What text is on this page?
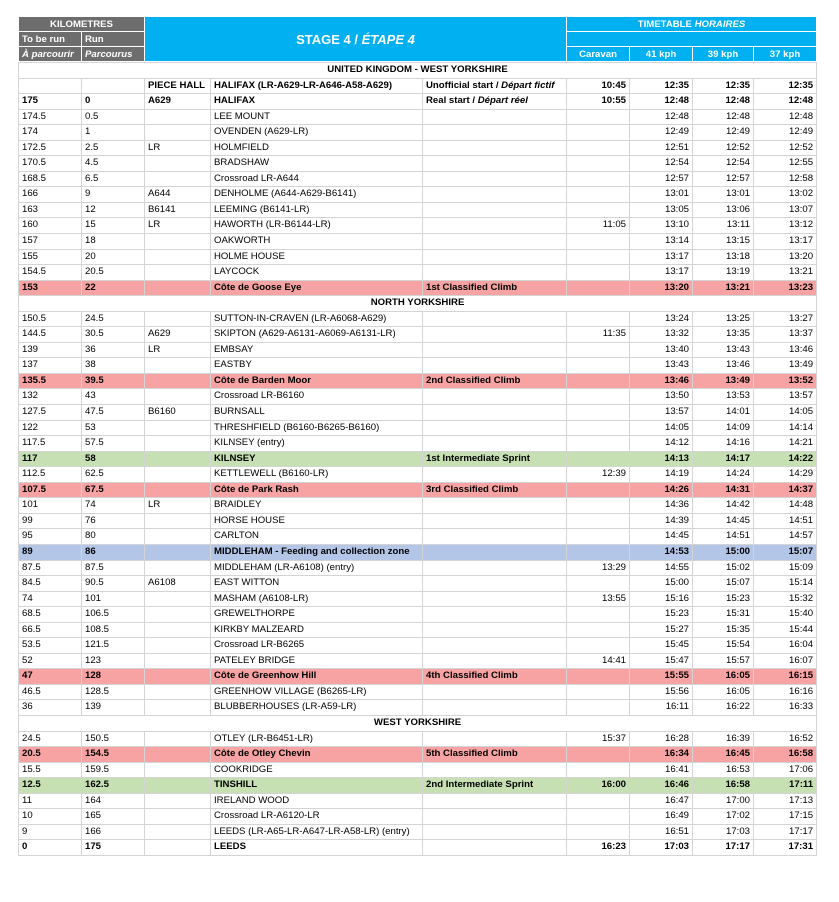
KILOMETRES		STAGE 4 / ÉTAPE 4	TIMETABLE HORAIRES			
To be run	Run					
À parcourir	Parcourus		Caravan	41 kph	39 kph	37 kph
UNITED KINGDOM - WEST YORKSHIRE								
		PIECE HALL	HALIFAX (LR-A629-LR-A646-A58-A629)	Unofficial start / Départ fictif	10:45	12:35	12:35	12:35
175	0	A629	HALIFAX	Real start / Départ réel	10:55	12:48	12:48	12:48
174.5	0.5		LEE MOUNT			12:48	12:48	12:48
174	1		OVENDEN (A629-LR)			12:49	12:49	12:49
172.5	2.5	LR	HOLMFIELD			12:51	12:52	12:52
170.5	4.5		BRADSHAW			12:54	12:54	12:55
168.5	6.5		Crossroad LR-A644			12:57	12:57	12:58
166	9	A644	DENHOLME (A644-A629-B6141)			13:01	13:01	13:02
163	12	B6141	LEEMING (B6141-LR)			13:05	13:06	13:07
160	15	LR	HAWORTH (LR-B6144-LR)		11:05	13:10	13:11	13:12
157	18		OAKWORTH			13:14	13:15	13:17
155	20		HOLME HOUSE			13:17	13:18	13:20
154.5	20.5		LAYCOCK			13:17	13:19	13:21
153	22		Côte de Goose Eye	1st Classified Climb		13:20	13:21	13:23
NORTH YORKSHIRE								
150.5	24.5		SUTTON-IN-CRAVEN (LR-A6068-A629)			13:24	13:25	13:27
144.5	30.5	A629	SKIPTON (A629-A6131-A6069-A6131-LR)		11:35	13:32	13:35	13:37
139	36	LR	EMBSAY			13:40	13:43	13:46
137	38		EASTBY			13:43	13:46	13:49
135.5	39.5		Côte de Barden Moor	2nd Classified Climb		13:46	13:49	13:52
132	43		Crossroad LR-B6160			13:50	13:53	13:57
127.5	47.5	B6160	BURNSALL			13:57	14:01	14:05
122	53		THRESHFIELD (B6160-B6265-B6160)			14:05	14:09	14:14
117.5	57.5		KILNSEY (entry)			14:12	14:16	14:21
117	58		KILNSEY	1st Intermediate Sprint		14:13	14:17	14:22
112.5	62.5		KETTLEWELL (B6160-LR)		12:39	14:19	14:24	14:29
107.5	67.5		Côte de Park Rash	3rd Classified Climb		14:26	14:31	14:37
101	74	LR	BRAIDLEY			14:36	14:42	14:48
99	76		HORSE HOUSE			14:39	14:45	14:51
95	80		CARLTON			14:45	14:51	14:57
89	86		MIDDLEHAM - Feeding and collection zone			14:53	15:00	15:07
87.5	87.5		MIDDLEHAM (LR-A6108) (entry)		13:29	14:55	15:02	15:09
84.5	90.5	A6108	EAST WITTON			15:00	15:07	15:14
74	101		MASHAM (A6108-LR)		13:55	15:16	15:23	15:32
68.5	106.5		GREWELTHORPE			15:23	15:31	15:40
66.5	108.5		KIRKBY MALZEARD			15:27	15:35	15:44
53.5	121.5		Crossroad LR-B6265			15:45	15:54	16:04
52	123		PATELEY BRIDGE		14:41	15:47	15:57	16:07
47	128		Côte de Greenhow Hill	4th Classified Climb		15:55	16:05	16:15
46.5	128.5		GREENHOW VILLAGE (B6265-LR)			15:56	16:05	16:16
36	139		BLUBBERHOUSES (LR-A59-LR)			16:11	16:22	16:33
WEST YORKSHIRE								
24.5	150.5		OTLEY (LR-B6451-LR)		15:37	16:28	16:39	16:52
20.5	154.5		Côte de Otley Chevin	5th Classified Climb		16:34	16:45	16:58
15.5	159.5		COOKRIDGE			16:41	16:53	17:06
12.5	162.5		TINSHILL	2nd Intermediate Sprint	16:00	16:46	16:58	17:11
11	164		IRELAND WOOD			16:47	17:00	17:13
10	165		Crossroad LR-A6120-LR			16:49	17:02	17:15
9	166		LEEDS (LR-A65-LR-A647-LR-A58-LR) (entry)			16:51	17:03	17:17
0	175		LEEDS		16:23	17:03	17:17	17:31
